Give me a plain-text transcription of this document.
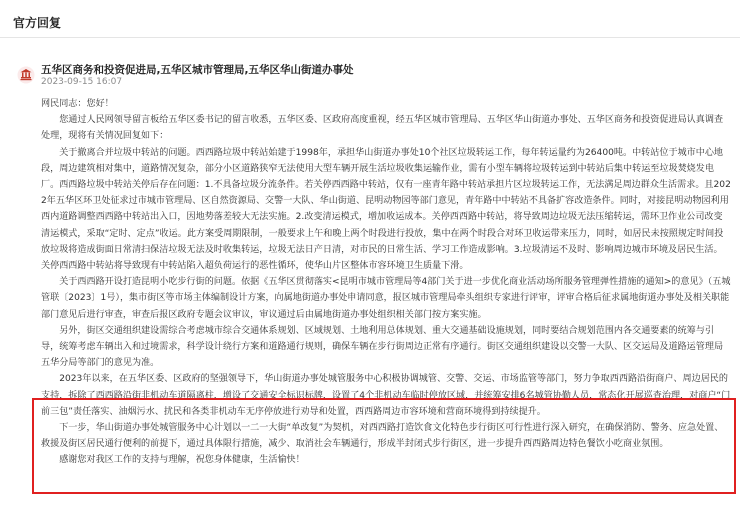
官方回复
五华区商务和投资促进局,五华区城市管理局,五华区华山街道办事处
2023-09-15 16:07

网民同志：您好！

您通过人民网领导留言板给五华区委书记的留言收悉，五华区委、区政府高度重视，经五华区城市管理局、五华区华山街道办事处、五华区商务和投资促进局认真调查处理，现将有关情况回复如下：

关于撤离合并垃圾中转站的问题。西西路垃圾中转站始建于1998年，承担华山街道办事处10个社区垃圾转运工作，每年转运量约为26400吨。中转站位于城市中心地段，周边建筑相对集中，道路情况复杂，部分小区道路狭窄无法使用大型车辆开展生活垃圾收集运输作业，需有小型车辆将垃圾转运到中转站后集中转运至垃圾焚烧发电厂。西西路垃圾中转站关停后存在问题：1.不具备垃圾分流条件。若关停西西路中转站，仅有一座青年路中转站承担片区垃圾转运工作，无法满足周边群众生活需求。且2022年五华区环卫处征求过市城市管理局、区自然资源局、交警一大队、华山街道、昆明动物园等部门意见，青年路中中转站不具备扩容改造条件。同时，对接昆明动物园利用西内道路调整西西路中转站出入口，因地势落差较大无法实施。2.改变清运模式，增加收运成本。关停西西路中转站，将导致周边垃圾无法压缩转运，需环卫作业公司改变清运模式，采取“定时、定点”收运。此方案受周期限制，一般要求上午和晚上两个时段进行投放，集中在两个时段合对环卫收运带来压力，同时，如居民未按照规定时间投放垃圾将造成街面日常清扫保洁垃圾无法及时收集转运，垃圾无法日产日清，对市民的日常生活、学习工作造成影响。3.垃圾清运不及时、影响周边城市环境及居民生活。关停西西路中转站将导致现有中转站陷入超负荷运行的恶性循环，使华山片区整体市容环境卫生质量下滑。

关于西西路开设打造昆明小吃步行街的问题。依据《五华区贯彻落实<昆明市城市管理局等4部门关于进一步优化商业活动场所服务管理弹性措施的通知>的意见》（五城管联〔2023〕1号），集市街区等市场主体编制设计方案，向属地街道办事处申请同意，报区城市管理局牵头组织专家进行评审，评审合格后征求属地街道办事处及相关职能部门意见后进行审查，审查后报区政府专题会议审议，审议通过后由属地街道办事处组织相关部门按方案实施。

另外，街区交通组织建设需综合考虑城市综合交通体系规划、区域规划、土地利用总体规划、重大交通基础设施规划，同时要结合规划范围内各交通要素的统筹与引导，统筹考虑车辆出入和过境需求，科学设计绕行方案和道路通行规则，确保车辆在步行街周边正常有序通行。街区交通组织建设以交警一大队、区交运局及道路运管理局五华分局等部门的意见为准。

2023年以来，在五华区委、区政府的坚强领导下，华山街道办事处城管服务中心积极协调城管、交警、交运、市场监管等部门，努力争取西西路沿街商户、周边居民的支持，拆除了西西路沿街非机动车道隔离柱，增设了交通安全标识标牌，设置了4个非机动车临时停放区域，并统筹安排6名城管协勤人员，常态化开展巡查治理，对商户“门前三包”责任落实、油烟污水、扰民和各类非机动车无序停放进行劝导和处置，西西路周边市容环境和营商环境得到持续提升。

下一步，华山街道办事处城管服务中心计划以一二一大街“单改复”为契机，对西西路打造饮食文化特色步行街区可行性进行深入研究，在确保消防、警务、应急处置、救援及街区居民通行便利的前提下，通过具体限行措施，减少、取消社会车辆通行，形成半封闭式步行街区，进一步提升西西路周边特色餐饮小吃商业氛围。

感谢您对我区工作的支持与理解，祝您身体健康，生活愉快！
